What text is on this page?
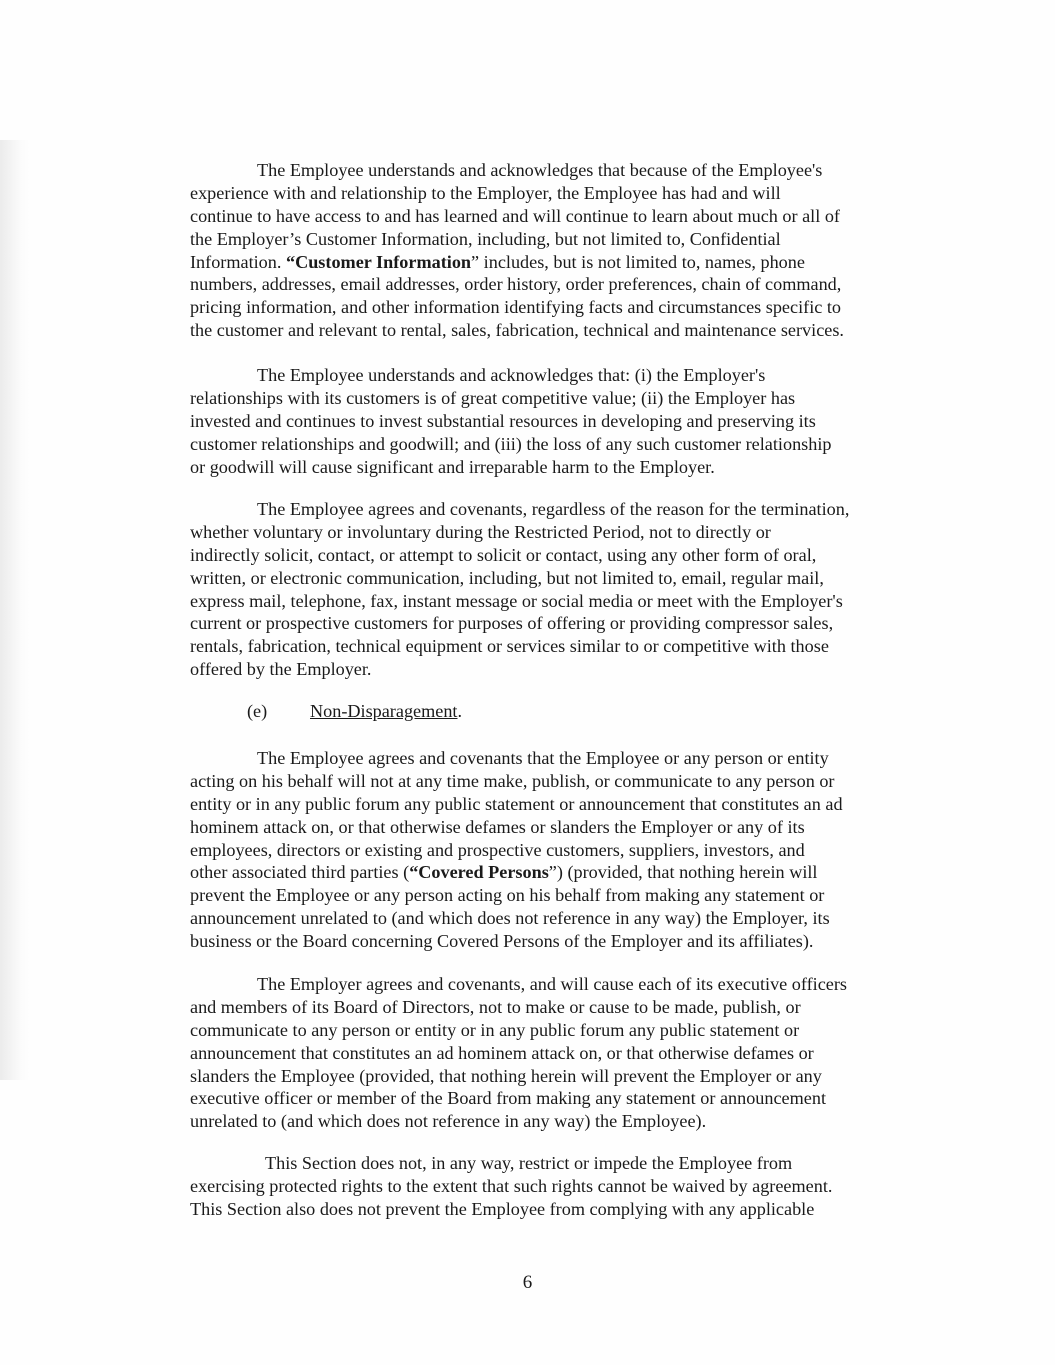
The Employee understands and acknowledges that because of the Employee's
experience with and relationship to the Employer, the Employee has had and will
continue to have access to and has learned and will continue to learn about much or all of
the Employer’s Customer Information, including, but not limited to, Confidential
Information. “Customer Information” includes, but is not limited to, names, phone
numbers, addresses, email addresses, order history, order preferences, chain of command,
pricing information, and other information identifying facts and circumstances specific to
the customer and relevant to rental, sales, fabrication, technical and maintenance services.

The Employee understands and acknowledges that: (i) the Employer's
relationships with its customers is of great competitive value; (ii) the Employer has
invested and continues to invest substantial resources in developing and preserving its
customer relationships and goodwill; and (iii) the loss of any such customer relationship
or goodwill will cause significant and irreparable harm to the Employer.

The Employee agrees and covenants, regardless of the reason for the termination,
whether voluntary or involuntary during the Restricted Period, not to directly or
indirectly solicit, contact, or attempt to solicit or contact, using any other form of oral,
written, or electronic communication, including, but not limited to, email, regular mail,
express mail, telephone, fax, instant message or social media or meet with the Employer's
current or prospective customers for purposes of offering or providing compressor sales,
rentals, fabrication, technical equipment or services similar to or competitive with those
offered by the Employer.

(e) Non-Disparagement.

The Employee agrees and covenants that the Employee or any person or entity
acting on his behalf will not at any time make, publish, or communicate to any person or
entity or in any public forum any public statement or announcement that constitutes an ad
hominem attack on, or that otherwise defames or slanders the Employer or any of its
employees, directors or existing and prospective customers, suppliers, investors, and
other associated third parties (“Covered Persons”) (provided, that nothing herein will
prevent the Employee or any person acting on his behalf from making any statement or
announcement unrelated to (and which does not reference in any way) the Employer, its
business or the Board concerning Covered Persons of the Employer and its affiliates).

The Employer agrees and covenants, and will cause each of its executive officers
and members of its Board of Directors, not to make or cause to be made, publish, or
communicate to any person or entity or in any public forum any public statement or
announcement that constitutes an ad hominem attack on, or that otherwise defames or
slanders the Employee (provided, that nothing herein will prevent the Employer or any
executive officer or member of the Board from making any statement or announcement
unrelated to (and which does not reference in any way) the Employee).

This Section does not, in any way, restrict or impede the Employee from
exercising protected rights to the extent that such rights cannot be waived by agreement.
This Section also does not prevent the Employee from complying with any applicable

6
